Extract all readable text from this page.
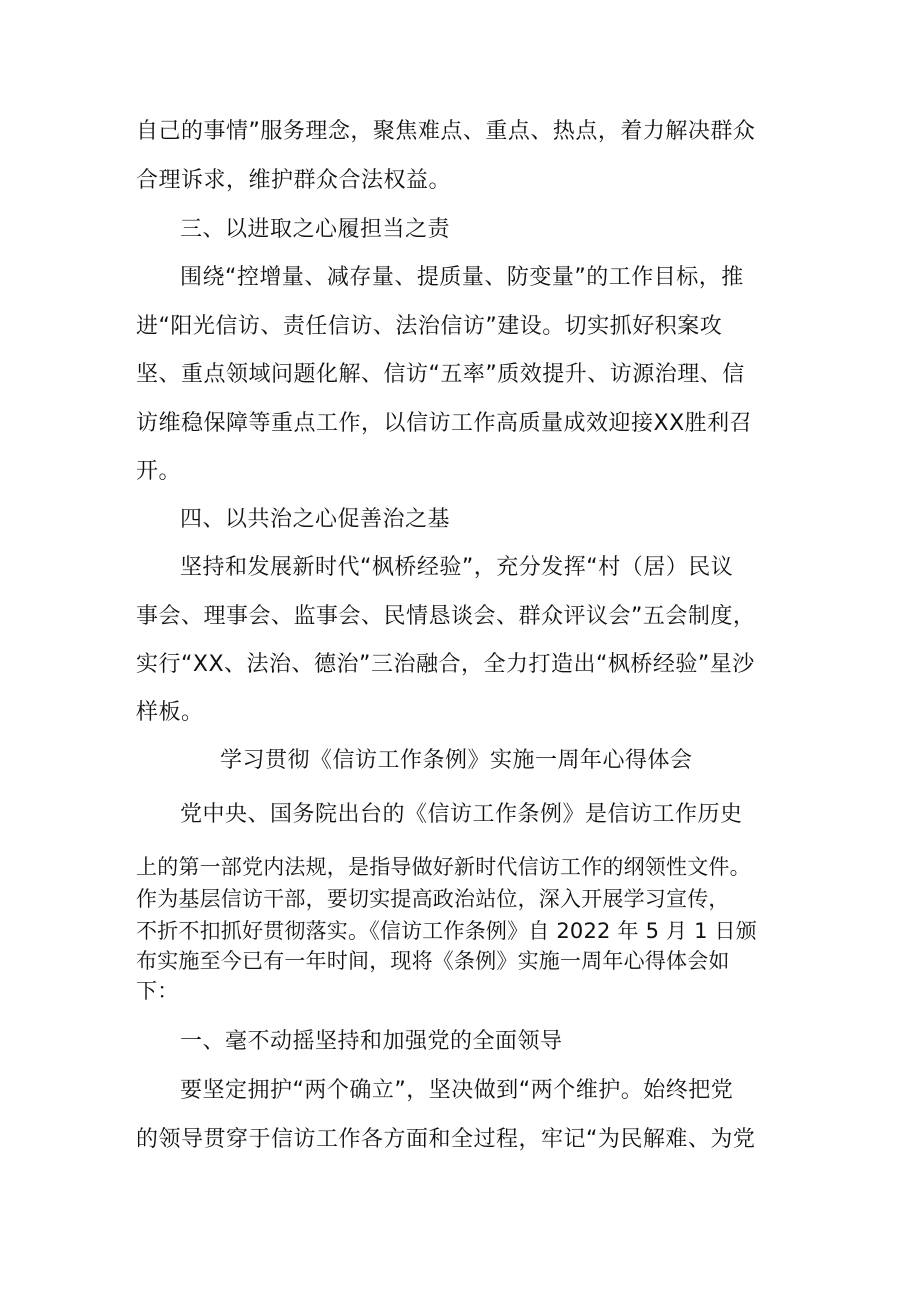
自己的事情”服务理念，聚焦难点、重点、热点，着力解决群众

合理诉求，维护群众合法权益。

三、以进取之心履担当之责

围绕“控增量、减存量、提质量、防变量”的工作目标，推

进“阳光信访、责任信访、法治信访”建设。切实抓好积案攻

坚、重点领域问题化解、信访“五率”质效提升、访源治理、信

访维稳保障等重点工作，以信访工作高质量成效迎接XX胜利召

开。

四、以共治之心促善治之基

坚持和发展新时代“枫桥经验”，充分发挥“村（居）民议

事会、理事会、监事会、民情恳谈会、群众评议会”五会制度，

实行“XX、法治、德治”三治融合，全力打造出“枫桥经验”星沙

样板。

学习贯彻《信访工作条例》实施一周年心得体会

党中央、国务院出台的《信访工作条例》是信访工作历史

上的第一部党内法规，是指导做好新时代信访工作的纲领性文件。

作为基层信访干部，要切实提高政治站位，深入开展学习宣传，

不折不扣抓好贯彻落实。《信访工作条例》自 2022 年 5 月 1 日颁

布实施至今已有一年时间，现将《条例》实施一周年心得体会如

下：

一、毫不动摇坚持和加强党的全面领导

要坚定拥护“两个确立”，坚决做到“两个维护。始终把党

的领导贯穿于信访工作各方面和全过程，牢记“为民解难、为党
